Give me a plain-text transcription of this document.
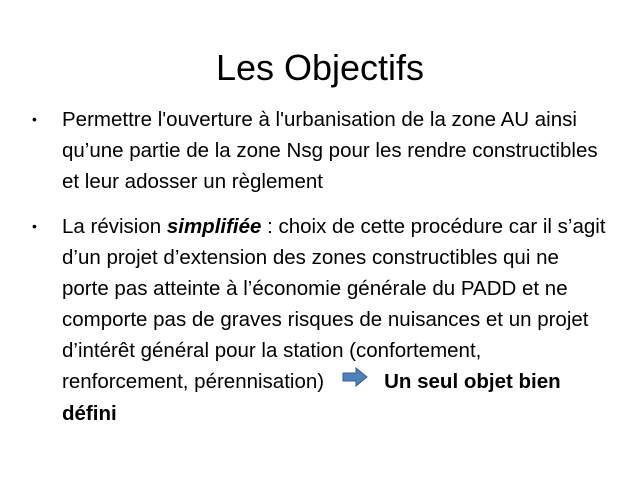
Les Objectifs
• Permettre l'ouverture à l'urbanisation de la zone AU ainsi qu’une partie de la zone Nsg pour les rendre constructibles et leur adosser un règlement
• La révision simplifiée : choix de cette procédure car il s’agit d’un projet d’extension des zones constructibles qui ne porte pas atteinte à l’économie générale du PADD et ne comporte pas de graves risques de nuisances et un projet d’intérêt général pour la station (confortement, renforcement, pérennisation)	Un seul objet bien défini
